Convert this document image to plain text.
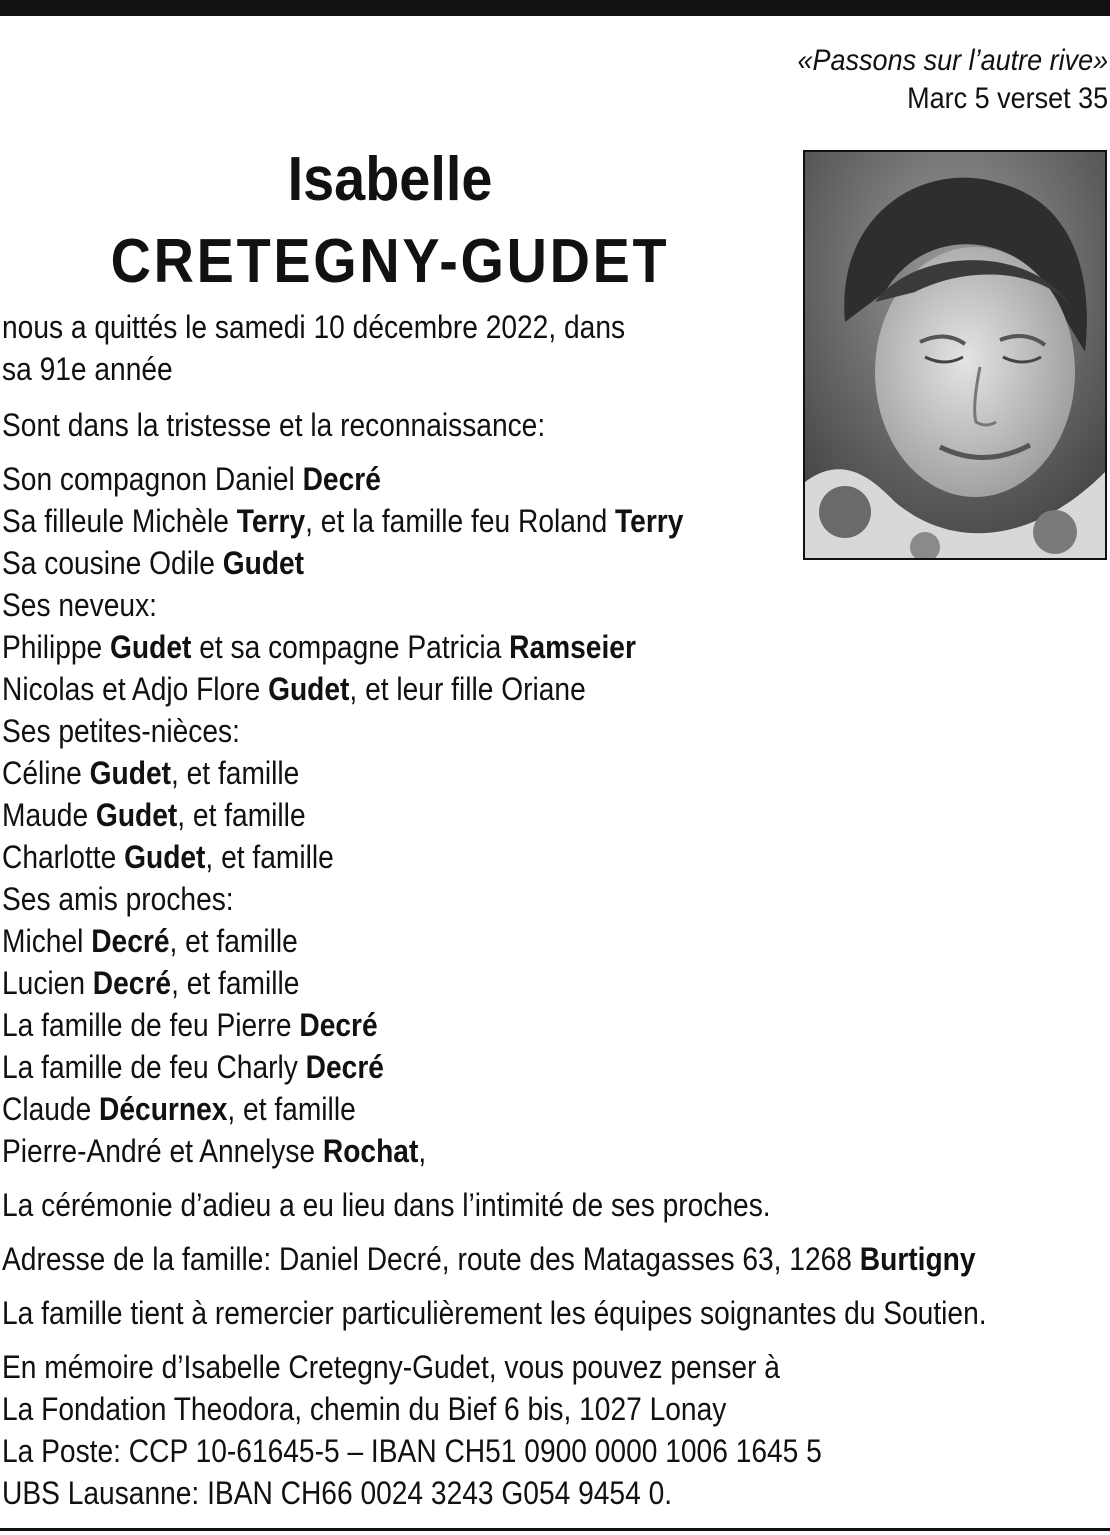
«Passons sur l’autre rive»
Marc 5 verset 35
Isabelle
CRETEGNY-GUDET
nous a quittés le samedi 10 décembre 2022, dans
sa 91e année
Sont dans la tristesse et la reconnaissance:
Son compagnon Daniel Decré
Sa filleule Michèle Terry, et la famille feu Roland Terry
Sa cousine Odile Gudet
Ses neveux:
Philippe Gudet et sa compagne Patricia Ramseier
Nicolas et Adjo Flore Gudet, et leur fille Oriane
Ses petites-nièces:
Céline Gudet, et famille
Maude Gudet, et famille
Charlotte Gudet, et famille
Ses amis proches:
Michel Decré, et famille
Lucien Decré, et famille
La famille de feu Pierre Decré
La famille de feu Charly Decré
Claude Décurnex, et famille
Pierre-André et Annelyse Rochat,
La cérémonie d’adieu a eu lieu dans l’intimité de ses proches.
Adresse de la famille: Daniel Decré, route des Matagasses 63, 1268 Burtigny
La famille tient à remercier particulièrement les équipes soignantes du Soutien.
En mémoire d’Isabelle Cretegny-Gudet, vous pouvez penser à
La Fondation Theodora, chemin du Bief 6 bis, 1027 Lonay
La Poste: CCP 10-61645-5 – IBAN CH51 0900 0000 1006 1645 5
UBS Lausanne: IBAN CH66 0024 3243 G054 9454 0.
